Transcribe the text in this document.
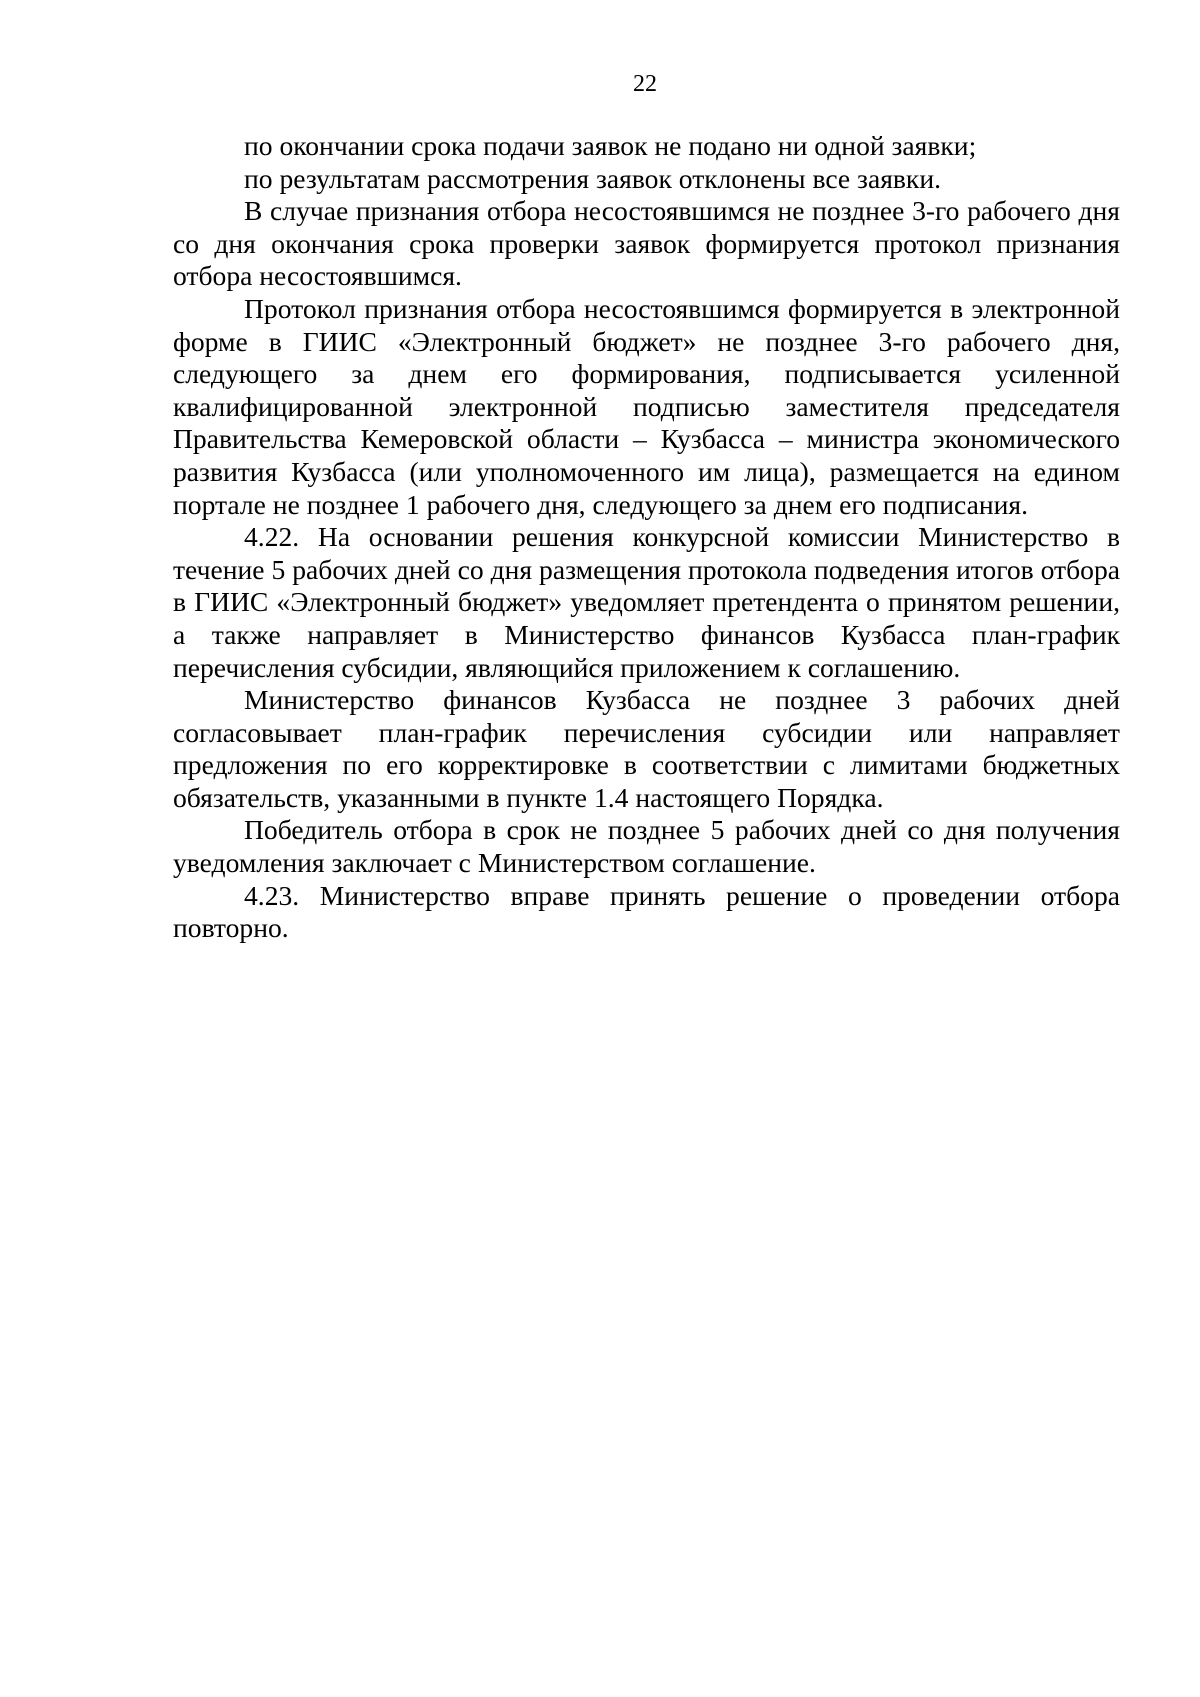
22

по окончании срока подачи заявок не подано ни одной заявки;

по результатам рассмотрения заявок отклонены все заявки.

В случае признания отбора несостоявшимся не позднее 3-го рабочего дня со дня окончания срока проверки заявок формируется протокол признания отбора несостоявшимся.

Протокол признания отбора несостоявшимся формируется в электронной форме в ГИИС «Электронный бюджет» не позднее 3-го рабочего дня, следующего за днем его формирования, подписывается усиленной квалифицированной электронной подписью заместителя председателя Правительства Кемеровской области – Кузбасса – министра экономического развития Кузбасса (или уполномоченного им лица), размещается на едином портале не позднее 1 рабочего дня, следующего за днем его подписания.

4.22. На основании решения конкурсной комиссии Министерство в течение 5 рабочих дней со дня размещения протокола подведения итогов отбора в ГИИС «Электронный бюджет» уведомляет претендента о принятом решении, а также направляет в Министерство финансов Кузбасса план-график перечисления субсидии, являющийся приложением к соглашению.

Министерство финансов Кузбасса не позднее 3 рабочих дней согласовывает план-график перечисления субсидии или направляет предложения по его корректировке в соответствии с лимитами бюджетных обязательств, указанными в пункте 1.4 настоящего Порядка.

Победитель отбора в срок не позднее 5 рабочих дней со дня получения уведомления заключает с Министерством соглашение.

4.23. Министерство вправе принять решение о проведении отбора повторно.
